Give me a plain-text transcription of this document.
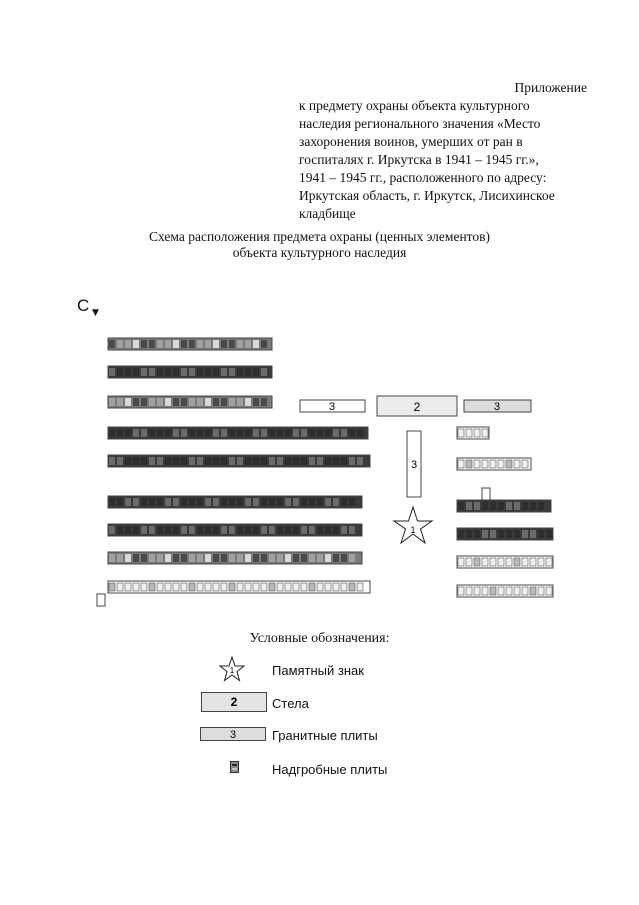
Приложение
к предмету охраны объекта культурного
наследия регионального значения «Место
захоронения воинов, умерших от ран в
госпиталях г. Иркутска в 1941 – 1945 гг.»,
1941 – 1945 гг., расположенного по адресу:
Иркутская область, г. Иркутск, Лисихинское
кладбище
Схема расположения предмета охраны (ценных элементов)
объекта культурного наследия
С ▼
3	2	3
3
1
Условные обозначения:
1	Памятный знак
2	Стела
3	Гранитные плиты
Надгробные плиты
